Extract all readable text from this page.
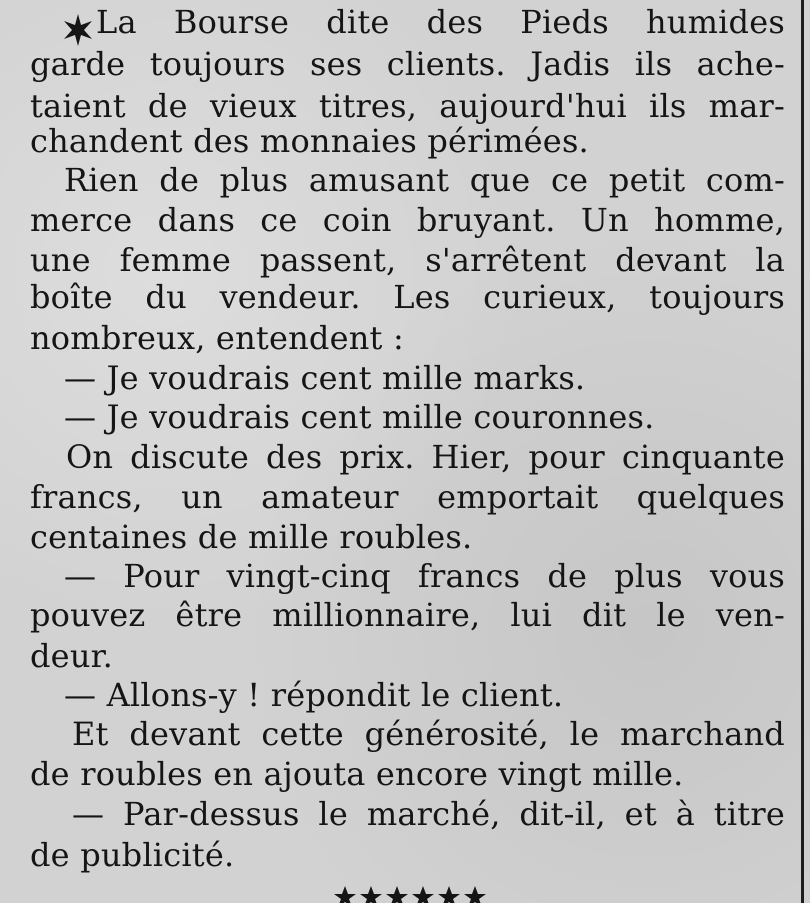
La Bourse dite des Pieds humides
garde toujours ses clients. Jadis ils ache-
taient de vieux titres, aujourd'hui ils mar-
chandent des monnaies périmées.
Rien de plus amusant que ce petit com-
merce dans ce coin bruyant. Un homme,
une femme passent, s'arrêtent devant la
boîte du vendeur. Les curieux, toujours
nombreux, entendent :
— Je voudrais cent mille marks.
— Je voudrais cent mille couronnes.
On discute des prix. Hier, pour cinquante
francs, un amateur emportait quelques
centaines de mille roubles.
— Pour vingt-cinq francs de plus vous
pouvez être millionnaire, lui dit le ven-
deur.
— Allons-y ! répondit le client.
Et devant cette générosité, le marchand
de roubles en ajouta encore vingt mille.
— Par-dessus le marché, dit-il, et à titre
de publicité.
